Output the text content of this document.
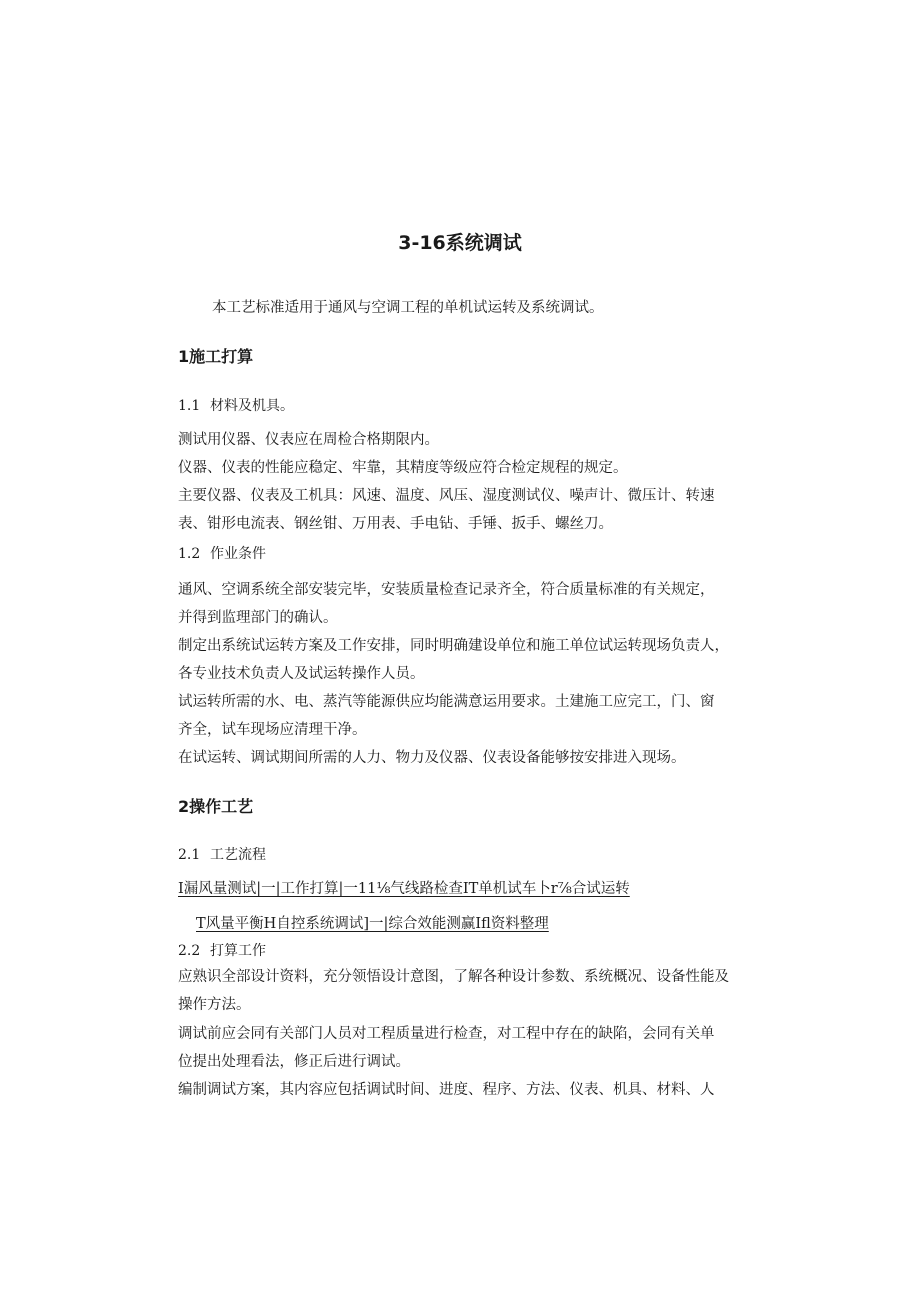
3-16系统调试
本工艺标准适用于通风与空调工程的单机试运转及系统调试。
1施工打算
1.1 材料及机具。
测试用仪器、仪表应在周检合格期限内。
仪器、仪表的性能应稳定、牢靠，其精度等级应符合检定规程的规定。
主要仪器、仪表及工机具：风速、温度、风压、湿度测试仪、噪声计、微压计、转速
表、钳形电流表、钢丝钳、万用表、手电钻、手锤、扳手、螺丝刀。
1.2 作业条件
通风、空调系统全部安装完毕，安装质量检查记录齐全，符合质量标准的有关规定，
并得到监理部门的确认。
制定出系统试运转方案及工作安排，同时明确建设单位和施工单位试运转现场负责人，
各专业技术负责人及试运转操作人员。
试运转所需的水、电、蒸汽等能源供应均能满意运用要求。土建施工应完工，门、窗
齐全，试车现场应清理干净。
在试运转、调试期间所需的人力、物力及仪器、仪表设备能够按安排进入现场。
2操作工艺
2.1 工艺流程
I漏风量测试|一|工作打算|一11⅛气线路检查IT单机试车卜r⅞合试运转
T风量平衡H自控系统调试]一|综合效能测赢Ifl资料整理
2.2 打算工作
应熟识全部设计资料，充分领悟设计意图，了解各种设计参数、系统概况、设备性能及
操作方法。
调试前应会同有关部门人员对工程质量进行检查，对工程中存在的缺陷，会同有关单
位提出处理看法，修正后进行调试。
编制调试方案，其内容应包括调试时间、进度、程序、方法、仪表、机具、材料、人
